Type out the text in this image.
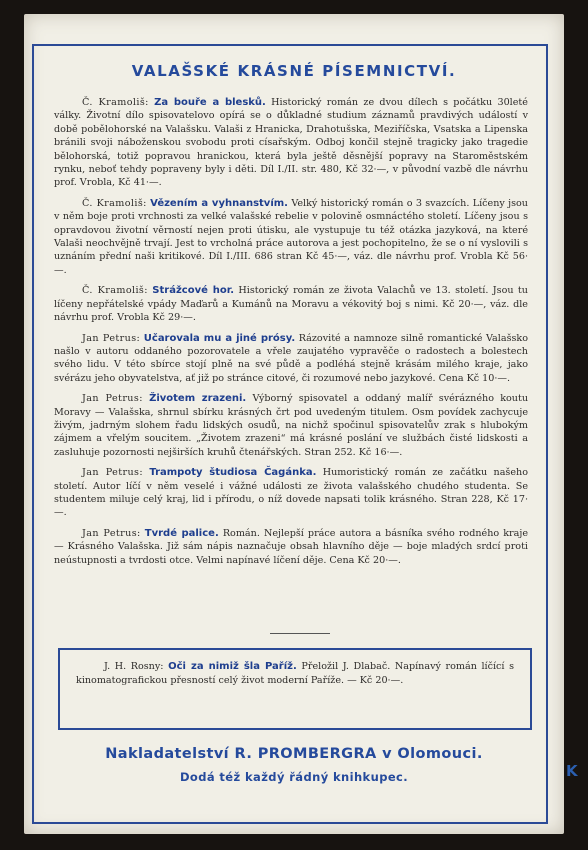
VALAŠSKÉ KRÁSNÉ PÍSEMNICTVÍ.

Č. Kramoliš: Za bouře a blesků. Historický román ze dvou dílech s počátku 30leté války. Životní dílo spisovatelovo opírá se o důkladné studium záznamů pravdivých událostí v době pobělohorské na Valašsku. Valaši z Hranicka, Drahotušska, Meziříčska, Vsatska a Lipenska bránili svoji náboženskou svobodu proti císařským. Odboj končil stejně tragicky jako tragedie bělohorská, totiž popravou hranickou, která byla ještě děsnější popravy na Staroměstském rynku, neboť tehdy popraveny byly i děti. Díl I./II. str. 480, Kč 32·—, v původní vazbě dle návrhu prof. Vrobla, Kč 41·—.

Č. Kramoliš: Vězením a vyhnanstvím. Velký historický román o 3 svazcích. Líčeny jsou v něm boje proti vrchnosti za velké valašské rebelie v polovině osmnáctého století. Líčeny jsou s opravdovou životní věrností nejen proti útisku, ale vystupuje tu též otázka jazyková, na které Valaši neochvějně trvají. Jest to vrcholná práce autorova a jest pochopitelno, že se o ní vyslovili s uznáním přední naši kritikové. Díl I./III. 686 stran Kč 45·—, váz. dle návrhu prof. Vrobla Kč 56·—.

Č. Kramoliš: Strážcové hor. Historický román ze života Valachů ve 13. století. Jsou tu líčeny nepřátelské vpády Maďarů a Kumánů na Moravu a vékovitý boj s nimi. Kč 20·—, váz. dle návrhu prof. Vrobla Kč 29·—.

Jan Petrus: Učarovala mu a jiné prósy. Rázovité a namnoze silně romantické Valašsko našlo v autoru oddaného pozorovatele a vřele zaujatého vypravěče o radostech a bolestech svého lidu. V této sbírce stojí plně na své půdě a podléhá stejně krásám milého kraje, jako svérázu jeho obyvatelstva, ať již po stránce citové, či rozumové nebo jazykové. Cena Kč 10·—.

Jan Petrus: Životem zrazeni. Výborný spisovatel a oddaný malíř svérázného koutu Moravy — Valašska, shrnul sbírku krásných črt pod uvedeným titulem. Osm povídek zachycuje živým, jadrným slohem řadu lidských osudů, na nichž spočinul spisovatelův zrak s hlubokým zájmem a vřelým soucitem. „Životem zrazeni“ má krásné poslání ve službách čisté lidskosti a zasluhuje pozornosti nejširších kruhů čtenářských. Stran 252. Kč 16·—.

Jan Petrus: Trampoty študiosa Čagánka. Humoristický román ze začátku našeho století. Autor líčí v něm veselé i vážné události ze života valašského chudého studenta. Se studentem miluje celý kraj, lid i přírodu, o níž dovede napsati tolik krásného. Stran 228, Kč 17·—.

Jan Petrus: Tvrdé palice. Román. Nejlepší práce autora a básníka svého rodného kraje — Krásného Valašska. Již sám nápis naznačuje obsah hlavního děje — boje mladých srdcí proti neústupnosti a tvrdosti otce. Velmi napínavé líčení děje. Cena Kč 20·—.

J. H. Rosny: Oči za nimiž šla Paříž. Přeložil J. Dlabač. Napínavý román líčící s kinomatografickou přesností celý život moderní Paříže. — Kč 20·—.

Nakladatelství R. PROMBERGRA v Olomouci.
Dodá též každý řádný knihkupec.	K
